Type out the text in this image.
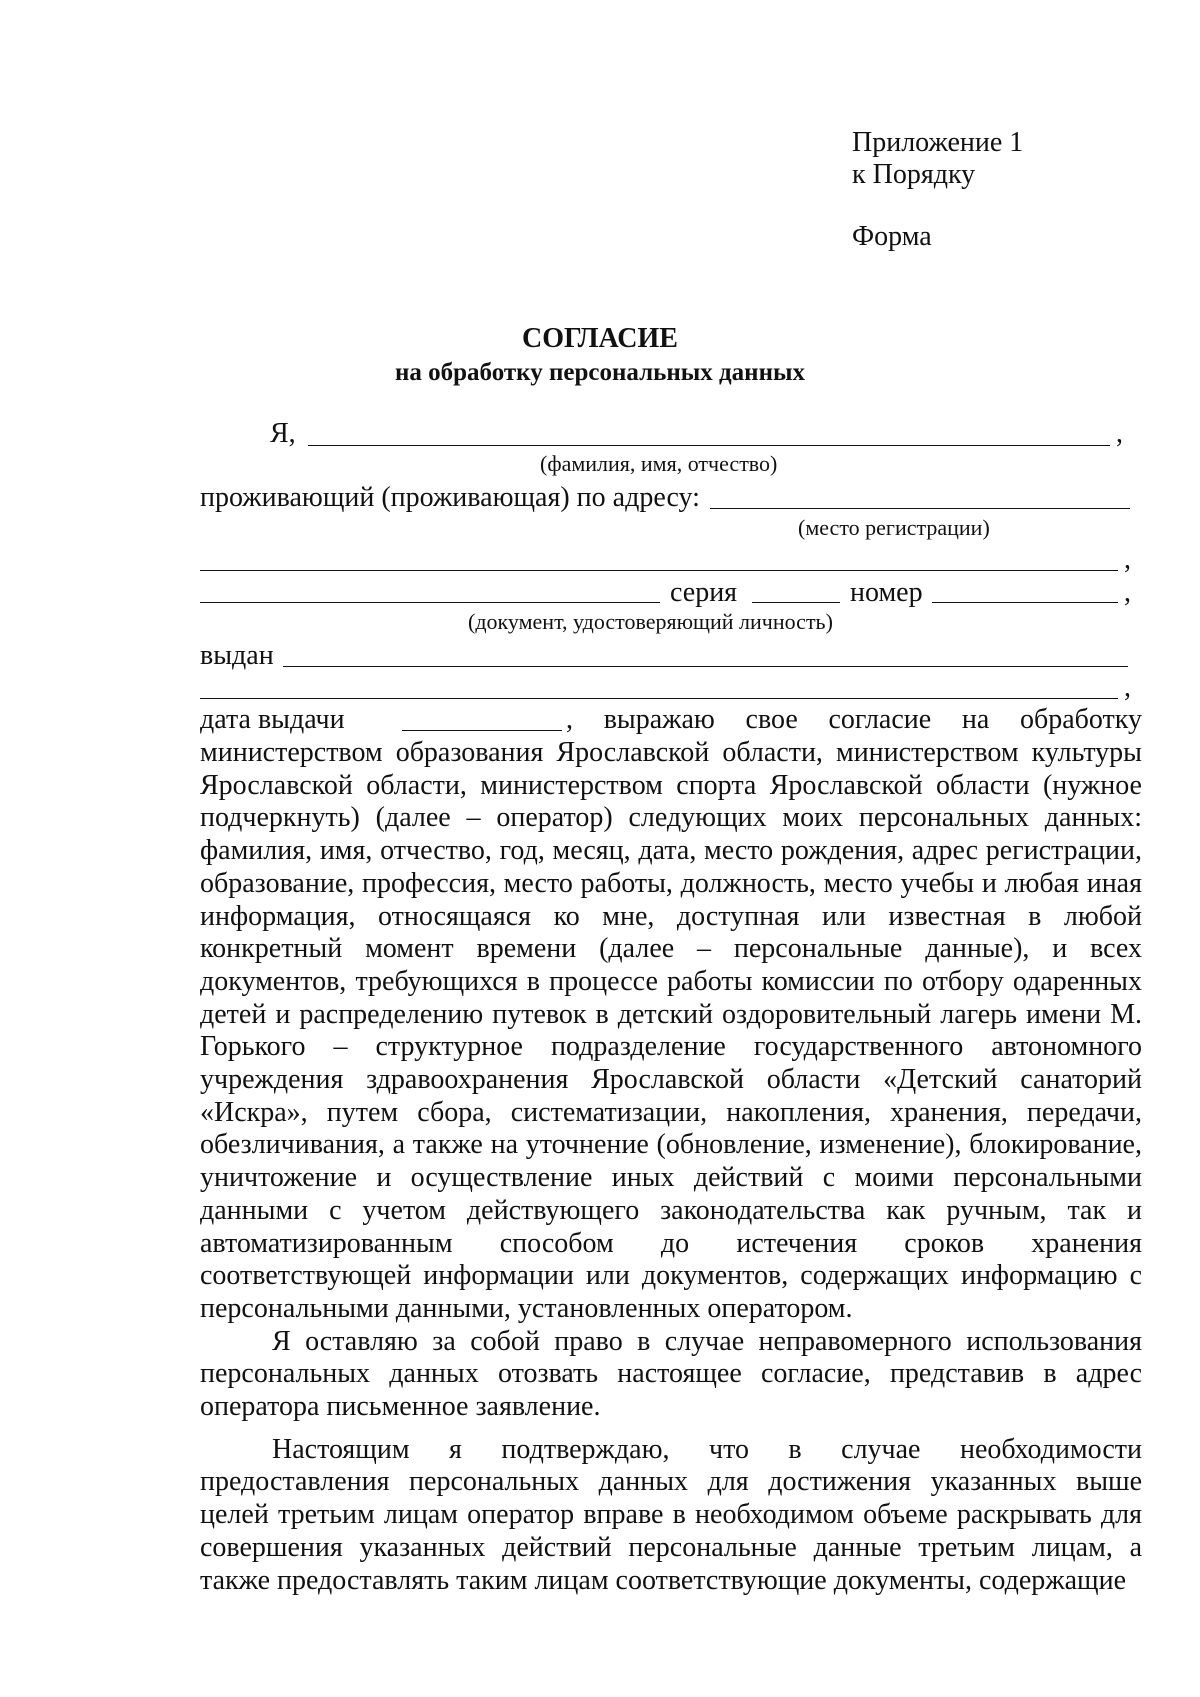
Приложение 1
к Порядку
Форма
СОГЛАСИЕ
на обработку персональных данных
Я,	,
(фамилия, имя, отчество)
проживающий (проживающая) по адресу:
(место регистрации)
,
серия	номер	,
(документ, удостоверяющий личность)
выдан
,
дата выдачи	, выражаю свое согласие на обработку

министерством образования Ярославской области, министерством культуры Ярославской области, министерством спорта Ярославской области (нужное подчеркнуть) (далее – оператор) следующих моих персональных данных: фамилия, имя, отчество, год, месяц, дата, место рождения, адрес регистрации, образование, профессия, место работы, должность, место учебы и любая иная информация, относящаяся ко мне, доступная или известная в любой конкретный момент времени (далее – персональные данные), и всех документов, требующихся в процессе работы комиссии по отбору одаренных детей и распределению путевок в детский оздоровительный лагерь имени М. Горького – структурное подразделение государственного автономного учреждения здравоохранения Ярославской области «Детский санаторий «Искра», путем сбора, систематизации, накопления, хранения, передачи, обезличивания, а также на уточнение (обновление, изменение), блокирование, уничтожение и осуществление иных действий с моими персональными данными с учетом действующего законодательства как ручным, так и автоматизированным способом до истечения сроков хранения соответствующей информации или документов, содержащих информацию с персональными данными, установленных оператором.

Я оставляю за собой право в случае неправомерного использования персональных данных отозвать настоящее согласие, представив в адрес оператора письменное заявление.

Настоящим я подтверждаю, что в случае необходимости предоставления персональных данных для достижения указанных выше целей третьим лицам оператор вправе в необходимом объеме раскрывать для совершения указанных действий персональные данные третьим лицам, а также предоставлять таким лицам соответствующие документы, содержащие
